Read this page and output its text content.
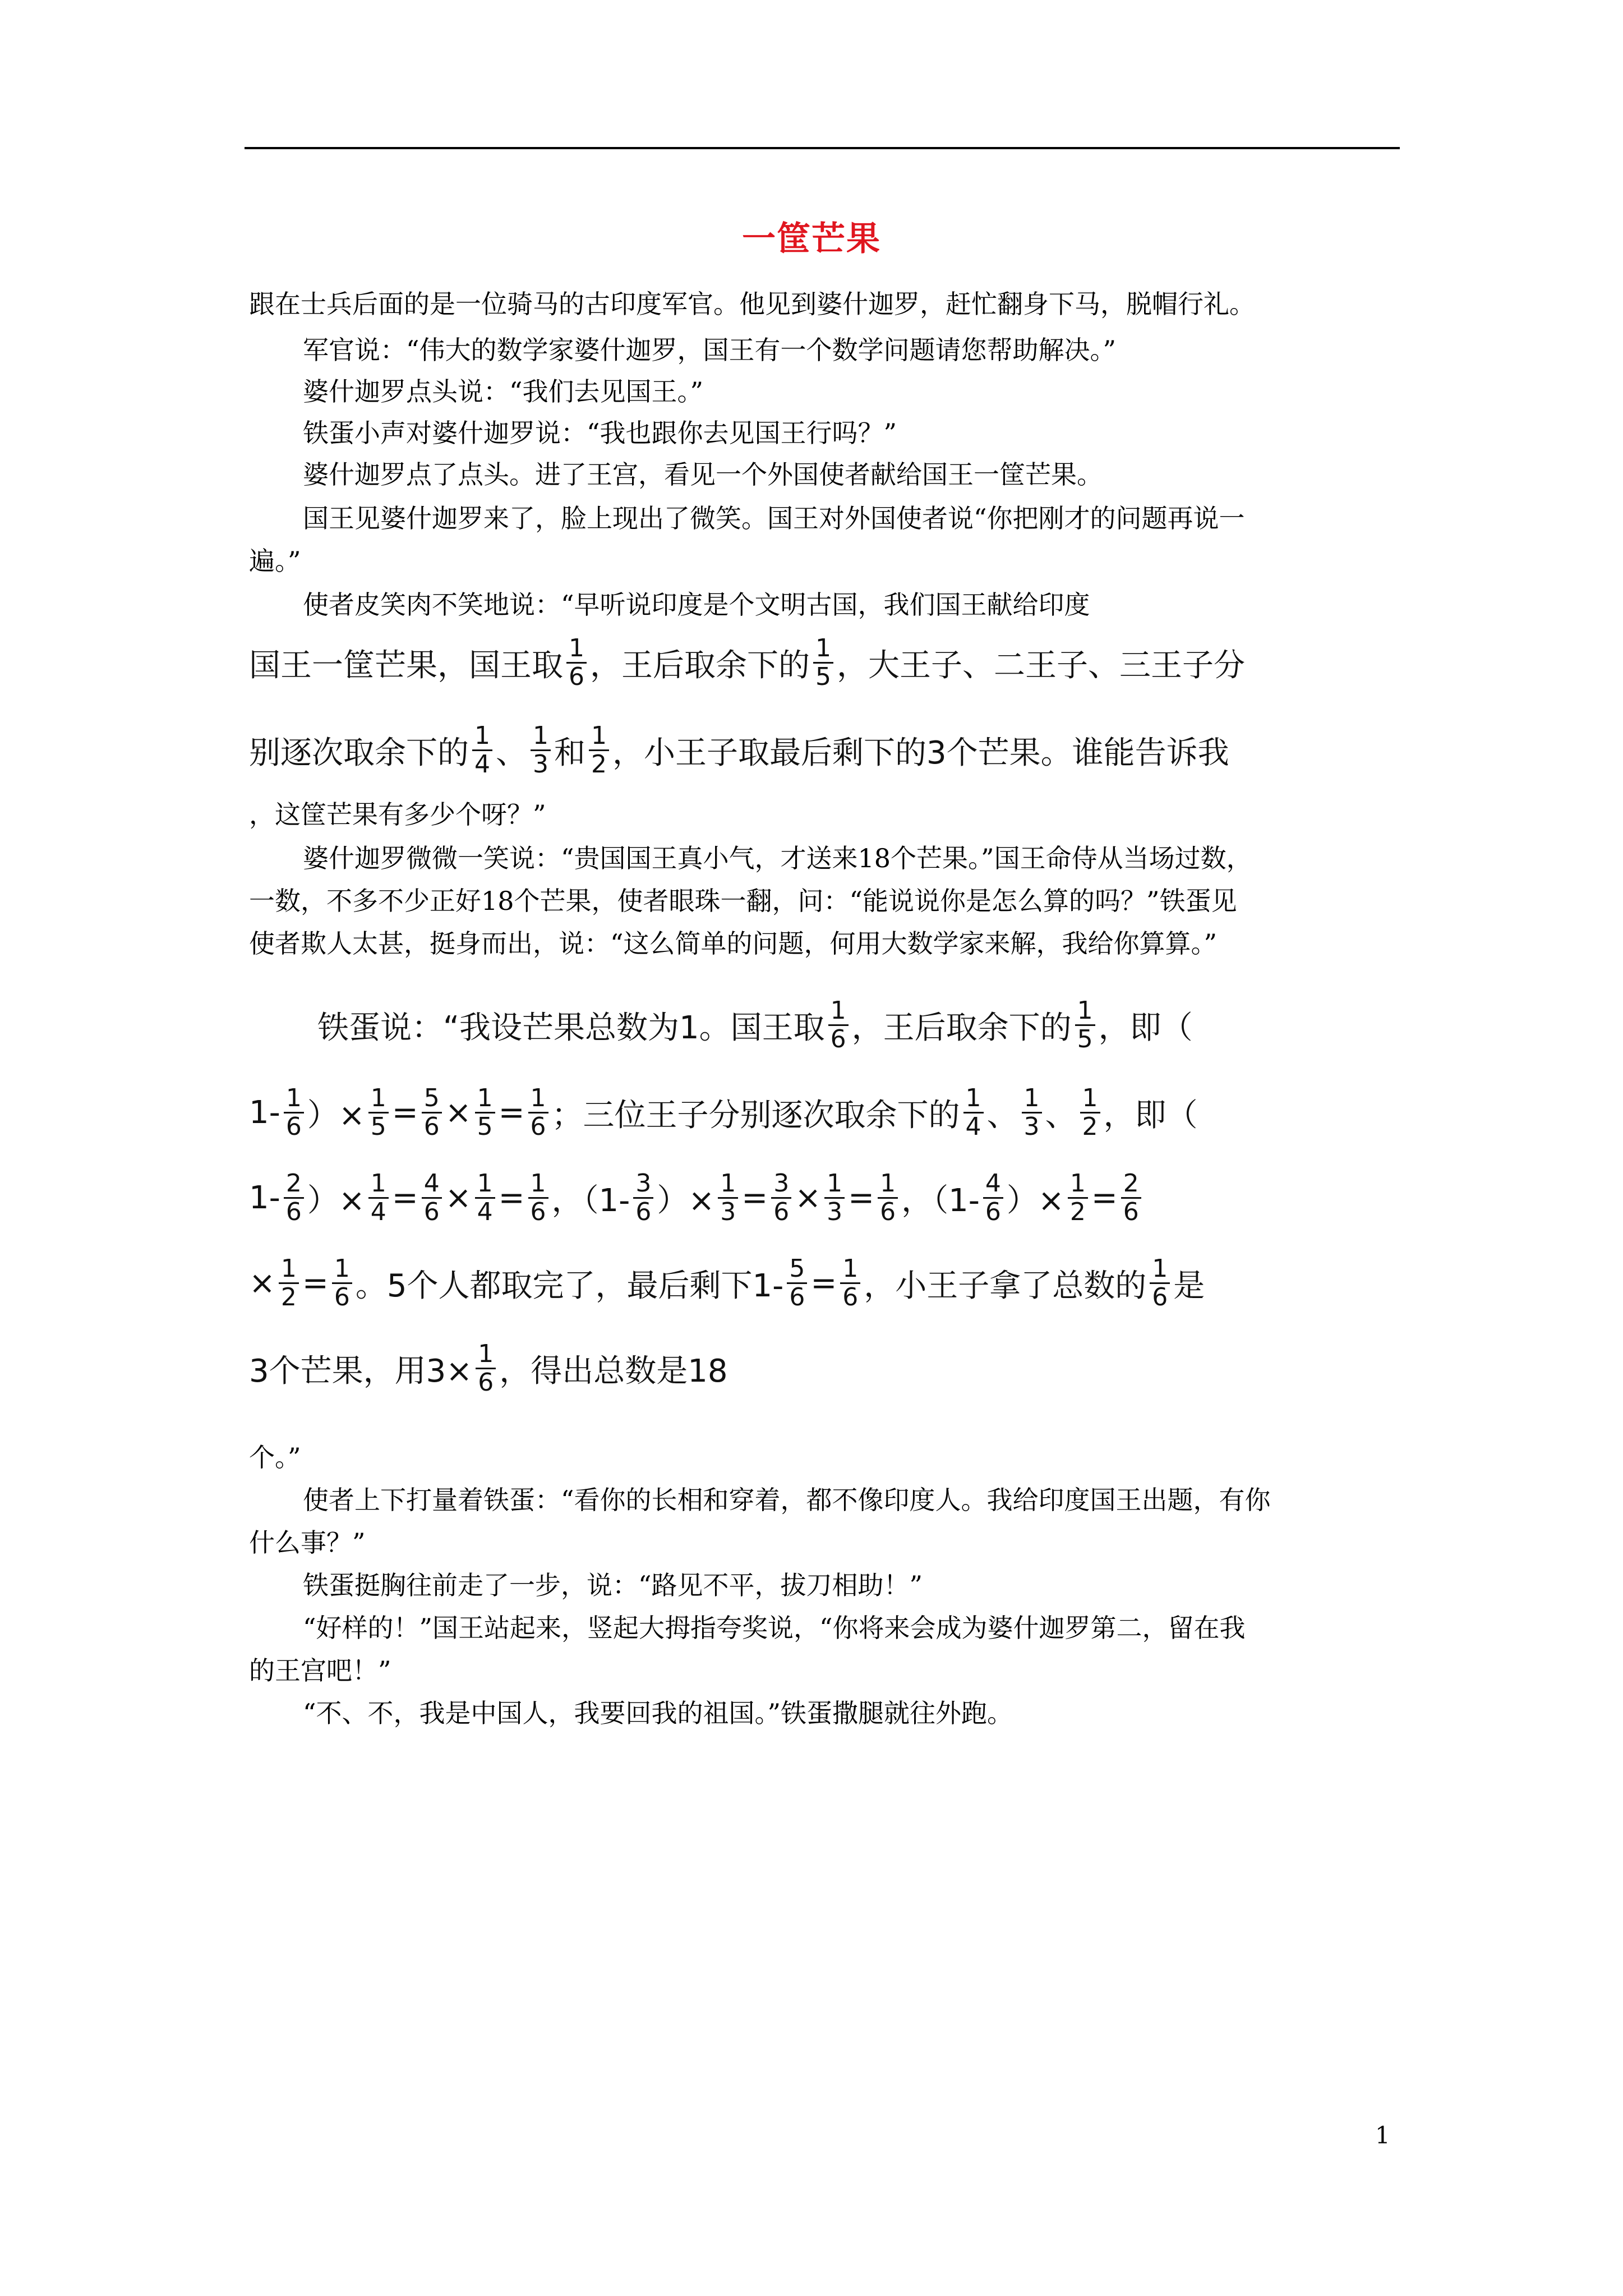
一筐芒果
跟在士兵后面的是一位骑马的古印度军官。他见到婆什迦罗，赶忙翻身下马，脱帽行礼。
军官说：“伟大的数学家婆什迦罗，国王有一个数学问题请您帮助解决。”
婆什迦罗点头说：“我们去见国王。”
铁蛋小声对婆什迦罗说：“我也跟你去见国王行吗？”
婆什迦罗点了点头。进了王宫，看见一个外国使者献给国王一筐芒果。
国王见婆什迦罗来了，脸上现出了微笑。国王对外国使者说“你把刚才的问题再说一
遍。”
使者皮笑肉不笑地说：“早听说印度是个文明古国，我们国王献给印度
国王一筐芒果，国王取 $\frac{1}{6}$ ，王后取余下的 $\frac{1}{5}$ ，大王子、二王子、三王子分
别逐次取余下的 $\frac{1}{4}$ 、 $\frac{1}{3}$ 和 $\frac{1}{2}$ ，小王子取最后剩下的3个芒果。谁能告诉我
，这筐芒果有多少个呀？”
婆什迦罗微微一笑说：“贵国国王真小气，才送来18个芒果。”国王命侍从当场过数，
一数，不多不少正好18个芒果，使者眼珠一翻，问：“能说说你是怎么算的吗？”铁蛋见
使者欺人太甚，挺身而出，说：“这么简单的问题，何用大数学家来解，我给你算算。”
铁蛋说：“我设芒果总数为1。国王取 $\frac{1}{6}$ ，王后取余下的 $\frac{1}{5}$ ，即（
$1- \frac{1}{6}$ ）× $\frac{1}{5} = \frac{5}{6} \times \frac{1}{5} = \frac{1}{6}$ ；三位王子分别逐次取余下的 $\frac{1}{4}$ 、 $\frac{1}{3}$ 、 $\frac{1}{2}$ ，即（
$1- \frac{2}{6}$ ）× $\frac{1}{4} = \frac{4}{6} \times \frac{1}{4} = \frac{1}{6}$ ，（$1- \frac{3}{6}$ ）× $\frac{1}{3} = \frac{3}{6} \times \frac{1}{3} = \frac{1}{6}$ ，（$1- \frac{4}{6}$ ）× $\frac{1}{2} = \frac{2}{6}$
× $\frac{1}{2} = \frac{1}{6}$ 。5个人都取完了，最后剩下$1- \frac{5}{6} = \frac{1}{6}$ ，小王子拿了总数的 $\frac{1}{6}$ 是
3个芒果，用$3\times \frac{1}{6}$ ，得出总数是18
个。”
使者上下打量着铁蛋：“看你的长相和穿着，都不像印度人。我给印度国王出题，有你
什么事？”
铁蛋挺胸往前走了一步，说：“路见不平，拔刀相助！”
“好样的！”国王站起来，竖起大拇指夸奖说，“你将来会成为婆什迦罗第二，留在我
的王宫吧！”
“不、不，我是中国人，我要回我的祖国。”铁蛋撒腿就往外跑。
1
